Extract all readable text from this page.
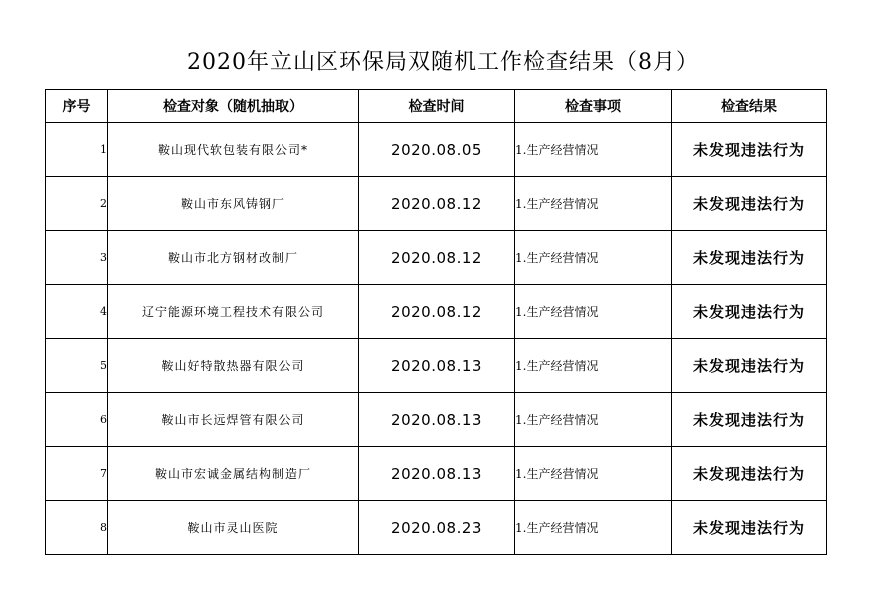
2020年立山区环保局双随机工作检查结果（8月）
序号	检查对象（随机抽取）	检查时间	检查事项	检查结果
1	鞍山现代软包装有限公司*	2020.08.05	1.生产经营情况	未发现违法行为
2	鞍山市东风铸钢厂	2020.08.12	1.生产经营情况	未发现违法行为
3	鞍山市北方钢材改制厂	2020.08.12	1.生产经营情况	未发现违法行为
4	辽宁能源环境工程技术有限公司	2020.08.12	1.生产经营情况	未发现违法行为
5	鞍山好特散热器有限公司	2020.08.13	1.生产经营情况	未发现违法行为
6	鞍山市长远焊管有限公司	2020.08.13	1.生产经营情况	未发现违法行为
7	鞍山市宏诚金属结构制造厂	2020.08.13	1.生产经营情况	未发现违法行为
8	鞍山市灵山医院	2020.08.23	1.生产经营情况	未发现违法行为
